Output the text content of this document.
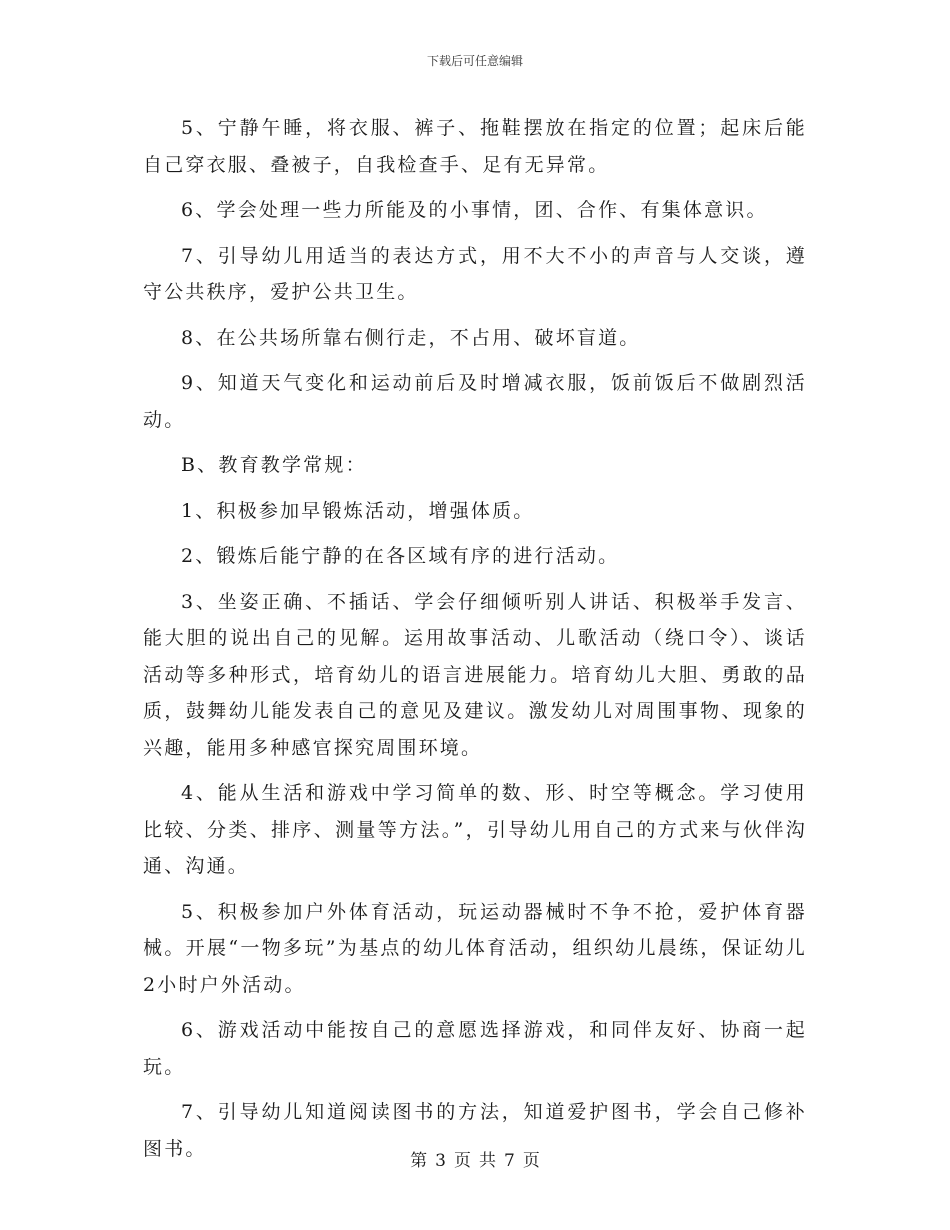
下载后可任意编辑

5、宁静午睡，将衣服、裤子、拖鞋摆放在指定的位置；起床后能自己穿衣服、叠被子，自我检查手、足有无异常。

6、学会处理一些力所能及的小事情，团、合作、有集体意识。

7、引导幼儿用适当的表达方式，用不大不小的声音与人交谈，遵守公共秩序，爱护公共卫生。

8、在公共场所靠右侧行走，不占用、破坏盲道。

9、知道天气变化和运动前后及时增减衣服，饭前饭后不做剧烈活动。

B、教育教学常规：

1、积极参加早锻炼活动，增强体质。

2、锻炼后能宁静的在各区域有序的进行活动。

3、坐姿正确、不插话、学会仔细倾听别人讲话、积极举手发言、能大胆的说出自己的见解。运用故事活动、儿歌活动（绕口令）、谈话活动等多种形式，培育幼儿的语言进展能力。培育幼儿大胆、勇敢的品质，鼓舞幼儿能发表自己的意见及建议。激发幼儿对周围事物、现象的兴趣，能用多种感官探究周围环境。

4、能从生活和游戏中学习简单的数、形、时空等概念。学习使用比较、分类、排序、测量等方法。”，引导幼儿用自己的方式来与伙伴沟通、沟通。

5、积极参加户外体育活动，玩运动器械时不争不抢，爱护体育器械。开展“一物多玩”为基点的幼儿体育活动，组织幼儿晨练，保证幼儿2小时户外活动。

6、游戏活动中能按自己的意愿选择游戏，和同伴友好、协商一起玩。

7、引导幼儿知道阅读图书的方法，知道爱护图书，学会自己修补图书。

第 3 页 共 7 页
